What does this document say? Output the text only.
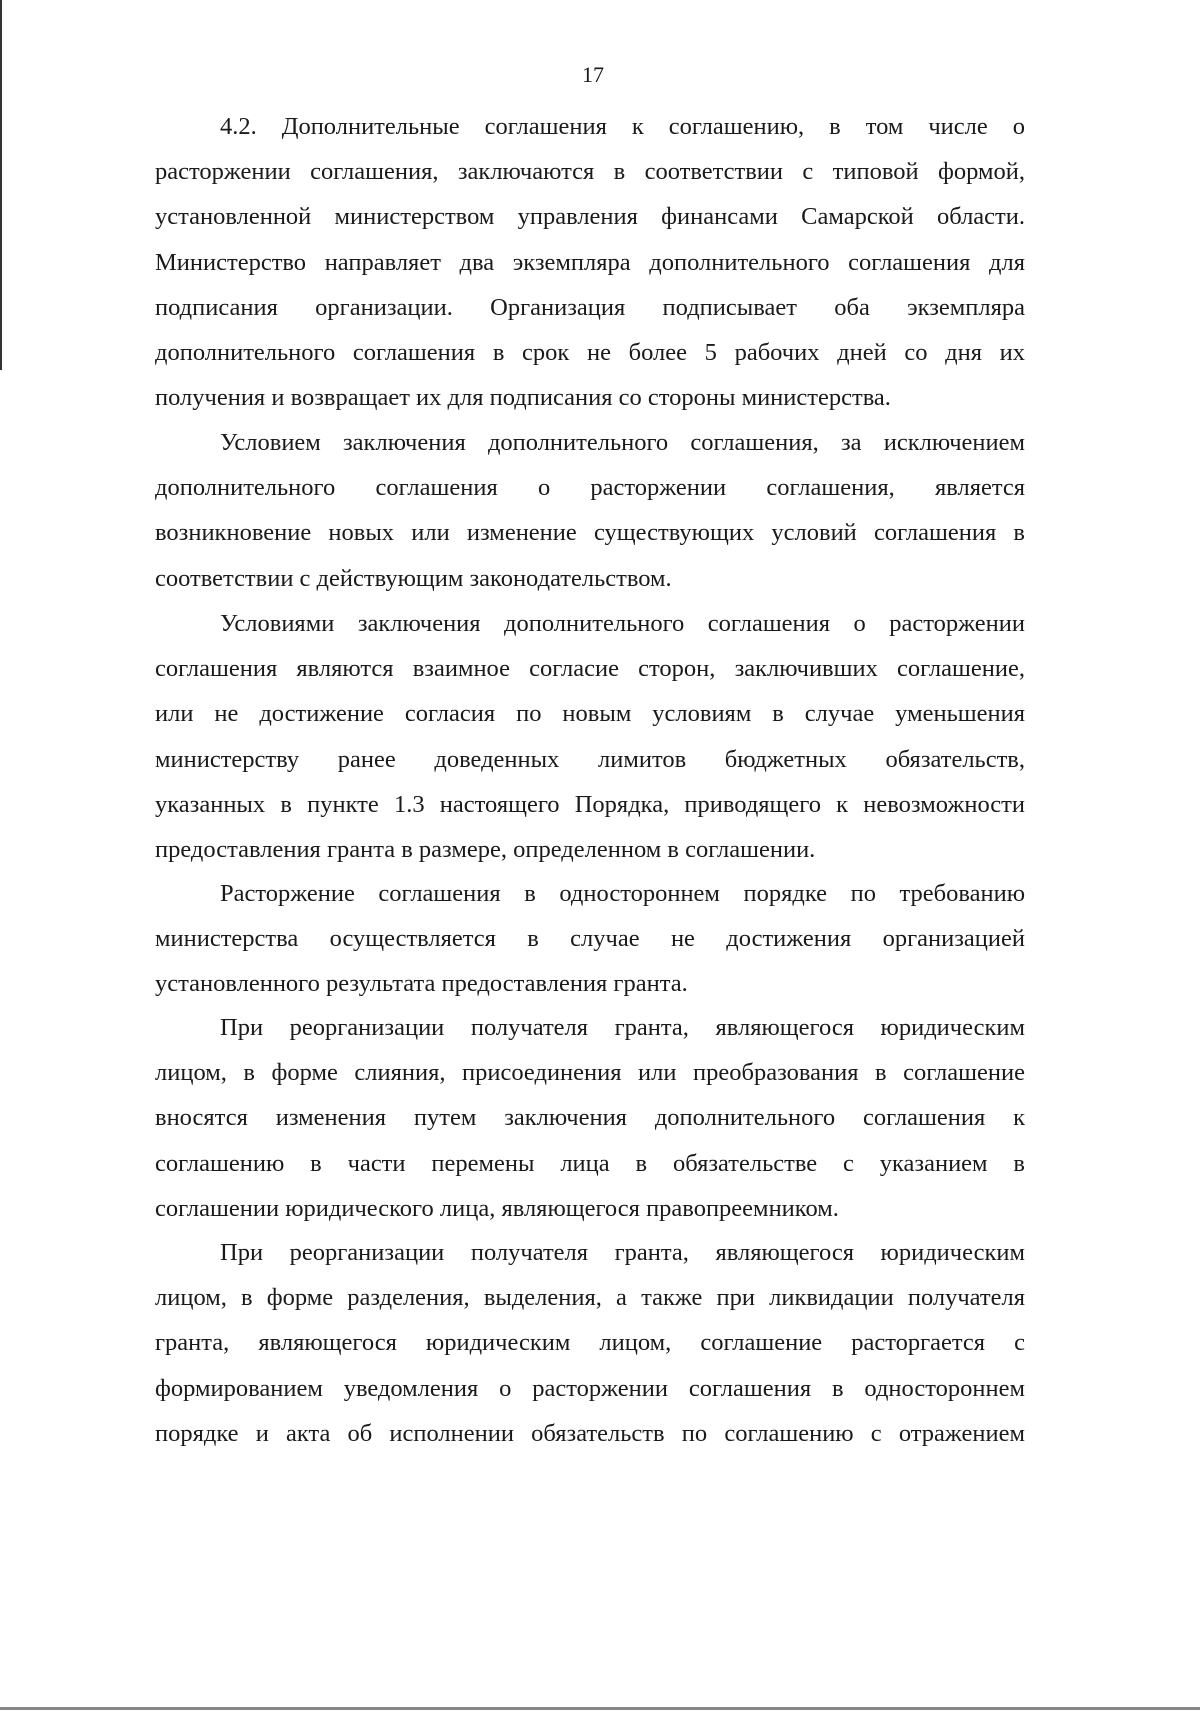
17
4.2. Дополнительные соглашения к соглашению, в том числе о
расторжении соглашения, заключаются в соответствии с типовой формой,
установленной министерством управления финансами Самарской области.
Министерство направляет два экземпляра дополнительного соглашения для
подписания организации. Организация подписывает оба экземпляра
дополнительного соглашения в срок не более 5 рабочих дней со дня их
получения и возвращает их для подписания со стороны министерства.
Условием заключения дополнительного соглашения, за исключением
дополнительного соглашения о расторжении соглашения, является
возникновение новых или изменение существующих условий соглашения в
соответствии с действующим законодательством.
Условиями заключения дополнительного соглашения о расторжении
соглашения являются взаимное согласие сторон, заключивших соглашение,
или не достижение согласия по новым условиям в случае уменьшения
министерству ранее доведенных лимитов бюджетных обязательств,
указанных в пункте 1.3 настоящего Порядка, приводящего к невозможности
предоставления гранта в размере, определенном в соглашении.
Расторжение соглашения в одностороннем порядке по требованию
министерства осуществляется в случае не достижения организацией
установленного результата предоставления гранта.
При реорганизации получателя гранта, являющегося юридическим
лицом, в форме слияния, присоединения или преобразования в соглашение
вносятся изменения путем заключения дополнительного соглашения к
соглашению в части перемены лица в обязательстве с указанием в
соглашении юридического лица, являющегося правопреемником.
При реорганизации получателя гранта, являющегося юридическим
лицом, в форме разделения, выделения, а также при ликвидации получателя
гранта, являющегося юридическим лицом, соглашение расторгается с
формированием уведомления о расторжении соглашения в одностороннем
порядке и акта об исполнении обязательств по соглашению с отражением
